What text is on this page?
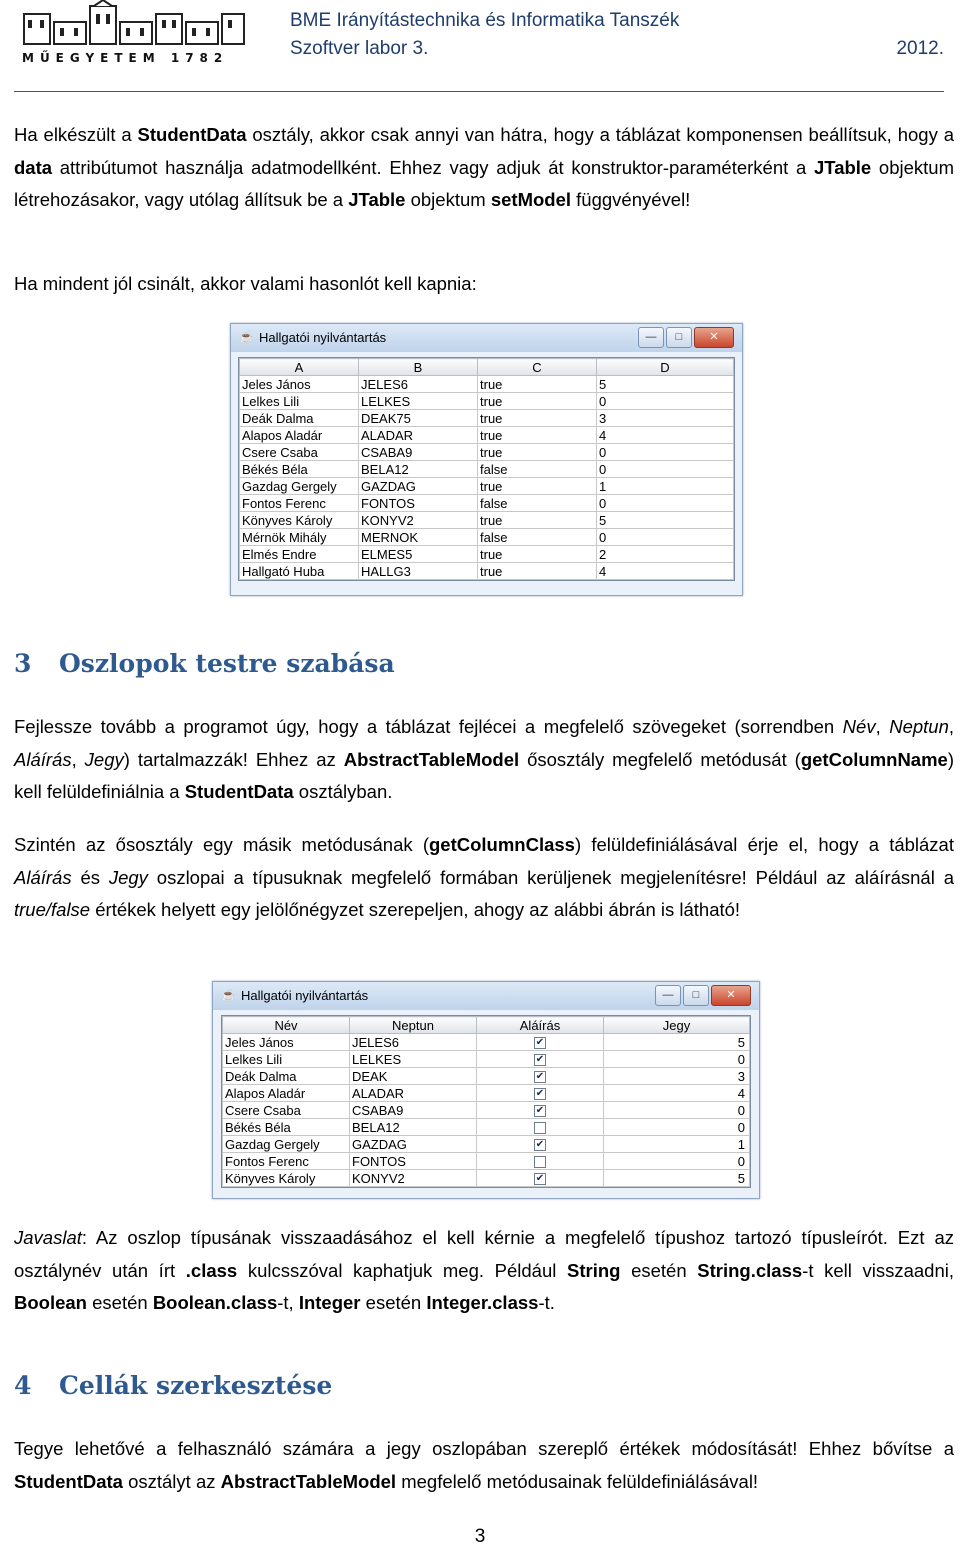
MŰEGYETEM 1782
BME Irányítástechnika és Informatika Tanszék
Szoftver labor 3.	2012.
Ha elkészült a StudentData osztály, akkor csak annyi van hátra, hogy a táblázat komponensen beállítsuk, hogy a data attribútumot használja adatmodellként. Ehhez vagy adjuk át konstruktor-paraméterként a JTable objektum létrehozásakor, vagy utólag állítsuk be a JTable objektum setModel függvényével!
Ha mindent jól csinált, akkor valami hasonlót kell kapnia:
☕ Hallgatói nyilvántartás	—	□	✕
A	B	C	D
Jeles János	JELES6	true	5
Lelkes Lili	LELKES	true	0
Deák Dalma	DEAK75	true	3
Alapos Aladár	ALADAR	true	4
Csere Csaba	CSABA9	true	0
Békés Béla	BELA12	false	0
Gazdag Gergely	GAZDAG	true	1
Fontos Ferenc	FONTOS	false	0
Könyves Károly	KONYV2	true	5
Mérnök Mihály	MERNOK	false	0
Elmés Endre	ELMES5	true	2
Hallgató Huba	HALLG3	true	4
3 Oszlopok testre szabása
Fejlessze tovább a programot úgy, hogy a táblázat fejlécei a megfelelő szövegeket (sorrendben Név, Neptun, Aláírás, Jegy) tartalmazzák! Ehhez az AbstractTableModel ősosztály megfelelő metódusát (getColumnName) kell felüldefiniálnia a StudentData osztályban.
Szintén az ősosztály egy másik metódusának (getColumnClass) felüldefiniálásával érje el, hogy a táblázat Aláírás és Jegy oszlopai a típusuknak megfelelő formában kerüljenek megjelenítésre! Például az aláírásnál a true/false értékek helyett egy jelölőnégyzet szerepeljen, ahogy az alábbi ábrán is látható!
☕ Hallgatói nyilvántartás	—	□	✕
Név	Neptun	Aláírás	Jegy
Jeles János	JELES6	✔	5
Lelkes Lili	LELKES	✔	0
Deák Dalma	DEAK	✔	3
Alapos Aladár	ALADAR	✔	4
Csere Csaba	CSABA9	✔	0
Békés Béla	BELA12		0
Gazdag Gergely	GAZDAG	✔	1
Fontos Ferenc	FONTOS		0
Könyves Károly	KONYV2	✔	5
Javaslat: Az oszlop típusának visszaadásához el kell kérnie a megfelelő típushoz tartozó típusleírót. Ezt az osztálynév után írt .class kulcsszóval kaphatjuk meg. Például String esetén String.class-t kell visszaadni, Boolean esetén Boolean.class-t, Integer esetén Integer.class-t.
4 Cellák szerkesztése
Tegye lehetővé a felhasználó számára a jegy oszlopában szereplő értékek módosítását! Ehhez bővítse a StudentData osztályt az AbstractTableModel megfelelő metódusainak felüldefiniálásával!
3
